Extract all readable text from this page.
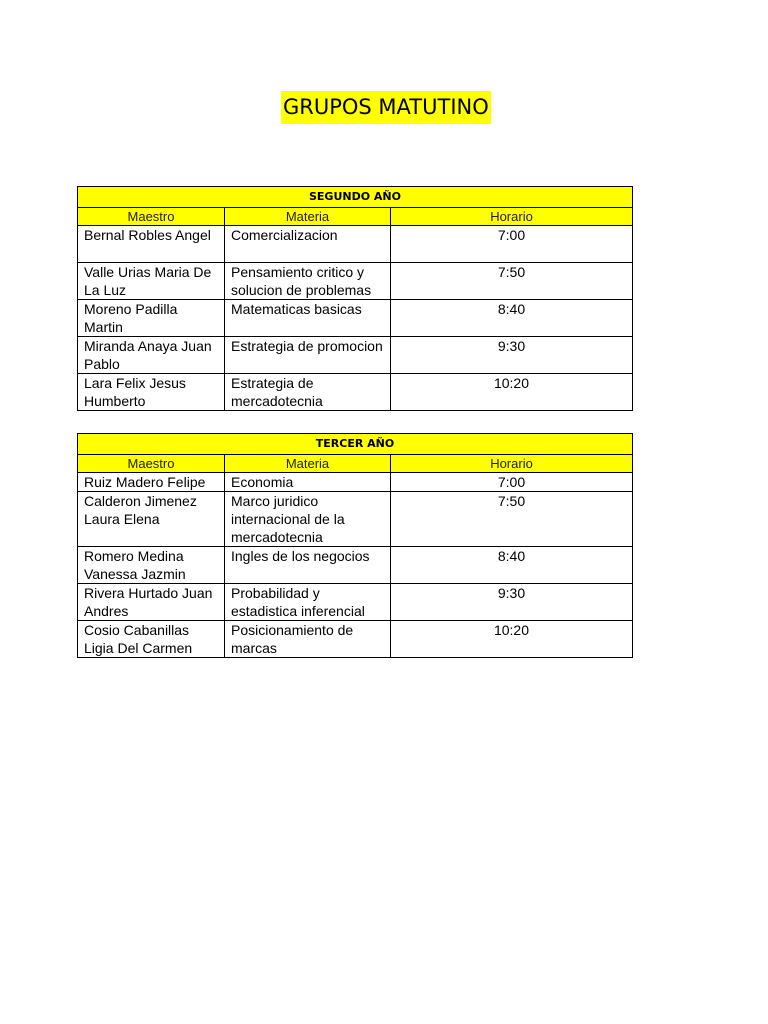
GRUPOS MATUTINO
SEGUNDO AÑO		
Maestro	Materia	Horario
Bernal Robles Angel	Comercializacion	7:00
Valle Urias Maria De La Luz	Pensamiento critico y solucion de problemas	7:50
Moreno Padilla Martin	Matematicas basicas	8:40
Miranda Anaya Juan Pablo	Estrategia de promocion	9:30
Lara Felix Jesus Humberto	Estrategia de mercadotecnia	10:20
TERCER AÑO		
Maestro	Materia	Horario
Ruiz Madero Felipe	Economia	7:00
Calderon Jimenez Laura Elena	Marco juridico internacional de la mercadotecnia	7:50
Romero Medina Vanessa Jazmin	Ingles de los negocios	8:40
Rivera Hurtado Juan Andres	Probabilidad y estadistica inferencial	9:30
Cosio Cabanillas Ligia Del Carmen	Posicionamiento de marcas	10:20
